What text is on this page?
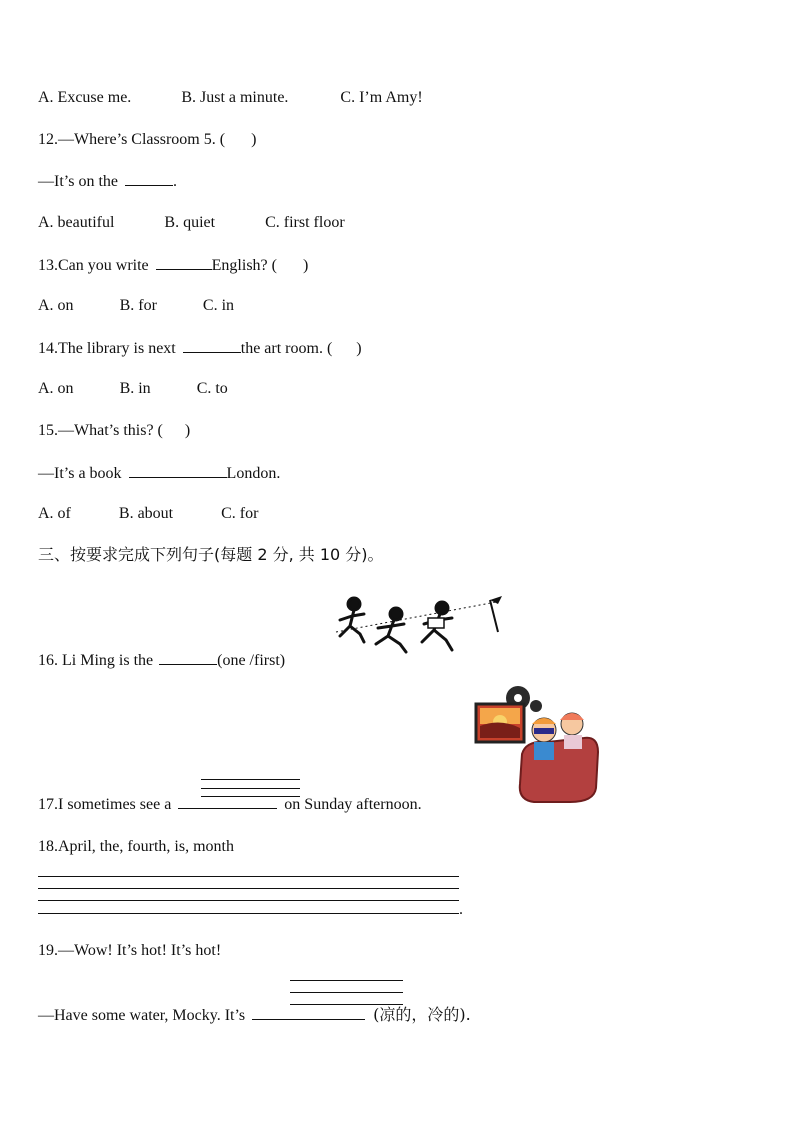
A. Excuse me.	B. Just a minute.	C. I’m Amy!
12.—Where’s Classroom 5. ( )
—It’s on the	.
A. beautiful	B. quiet	C. first floor
13.Can you write	English? ( )
A. on	B. for	C. in
14.The library is next	the art room. ( )
A. on	B. in	C. to
15.—What’s this? ( )
—It’s a book	London.
A. of	B. about	C. for
三、按要求完成下列句子(每题 2 分, 共 10 分)。
16. Li Ming is the	(one /first)
17.I sometimes see a	on Sunday afternoon.
18.April, the, fourth, is, month
.
19.—Wow! It’s hot! It’s hot!
—Have some water, Mocky. It’s	(凉的，冷的).
